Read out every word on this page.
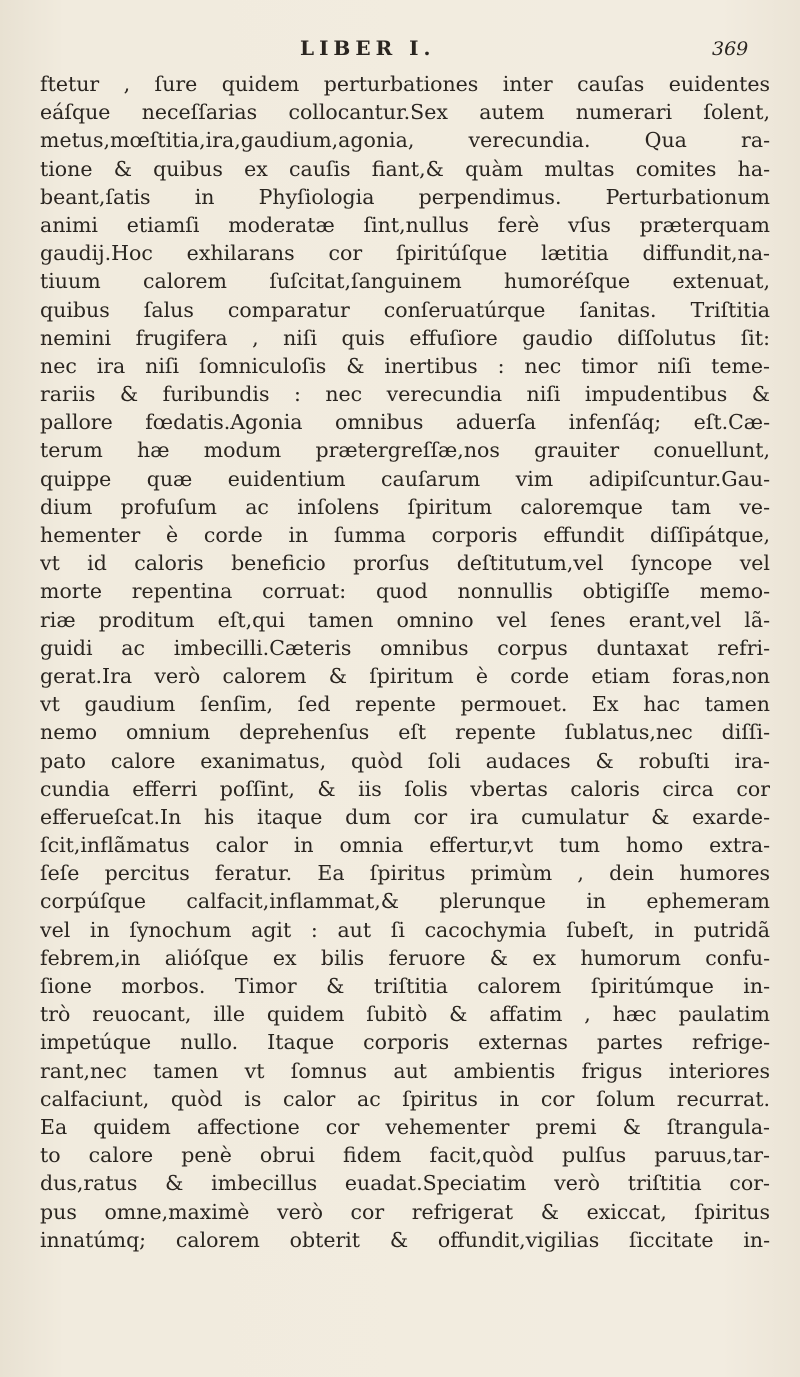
LIBER I.	369
ftetur , ſure quidem perturbationes inter cauſas euidentes
eáſque neceſſarias collocantur.Sex autem numerari ſolent,
metus,mœſtitia,ira,gaudium,agonia, verecundia. Qua ra-
tione & quibus ex cauſis fiant,& quàm multas comites ha-
beant,ſatis in Phyſiologia perpendimus. Perturbationum
animi etiamſi moderatæ ſint,nullus ferè vſus præterquam
gaudij.Hoc exhilarans cor ſpiritúſque lætitia diffundit,na-
tiuum calorem ſuſcitat,ſanguinem humoréſque extenuat,
quibus ſalus comparatur conſeruatúrque ſanitas. Triſtitia
nemini frugifera , niſi quis effuſiore gaudio diſſolutus ſit:
nec ira niſi ſomniculoſis & inertibus : nec timor niſi teme-
rariis & furibundis : nec verecundia niſi impudentibus &
pallore fœdatis.Agonia omnibus aduerſa infenſáq; eſt.Cæ-
terum hæ modum prætergreſſæ,nos grauiter conuellunt,
quippe quæ euidentium cauſarum vim adipiſcuntur.Gau-
dium profuſum ac inſolens ſpiritum caloremque tam ve-
hementer è corde in ſumma corporis effundit diſſipátque,
vt id caloris beneficio prorſus deſtitutum,vel ſyncope vel
morte repentina corruat: quod nonnullis obtigiſſe memo-
riæ proditum eſt,qui tamen omnino vel ſenes erant,vel lã-
guidi ac imbecilli.Cæteris omnibus corpus duntaxat refri-
gerat.Ira verò calorem & ſpiritum è corde etiam foras,non
vt gaudium ſenſim, ſed repente permouet. Ex hac tamen
nemo omnium deprehenſus eſt repente ſublatus,nec diſſi-
pato calore exanimatus, quòd ſoli audaces & robuſti ira-
cundia efferri poſſint, & iis ſolis vbertas caloris circa cor
efferueſcat.In his itaque dum cor ira cumulatur & exarde-
ſcit,inflãmatus calor in omnia effertur,vt tum homo extra-
ſeſe percitus feratur. Ea ſpiritus primùm , dein humores
corpúſque calfacit,inflammat,& plerunque in ephemeram
vel in ſynochum agit : aut ſi cacochymia ſubeſt, in putridã
febrem,in aliόſque ex bilis feruore & ex humorum confu-
ſione morbos. Timor & triſtitia calorem ſpiritúmque in-
trò reuocant, ille quidem ſubitò & affatim , hæc paulatim
impetúque nullo. Itaque corporis externas partes refrige-
rant,nec tamen vt ſomnus aut ambientis frigus interiores
calfaciunt, quòd is calor ac ſpiritus in cor ſolum recurrat.
Ea quidem affectione cor vehementer premi & ſtrangula-
to calore penè obrui fidem facit,quòd pulſus paruus,tar-
dus,ratus & imbecillus euadat.Speciatim verò triſtitia cor-
pus omne,maximè verò cor refrigerat & exiccat, ſpiritus
innatúmq; calorem obterit & offundit,vigilias ſiccitate in-
